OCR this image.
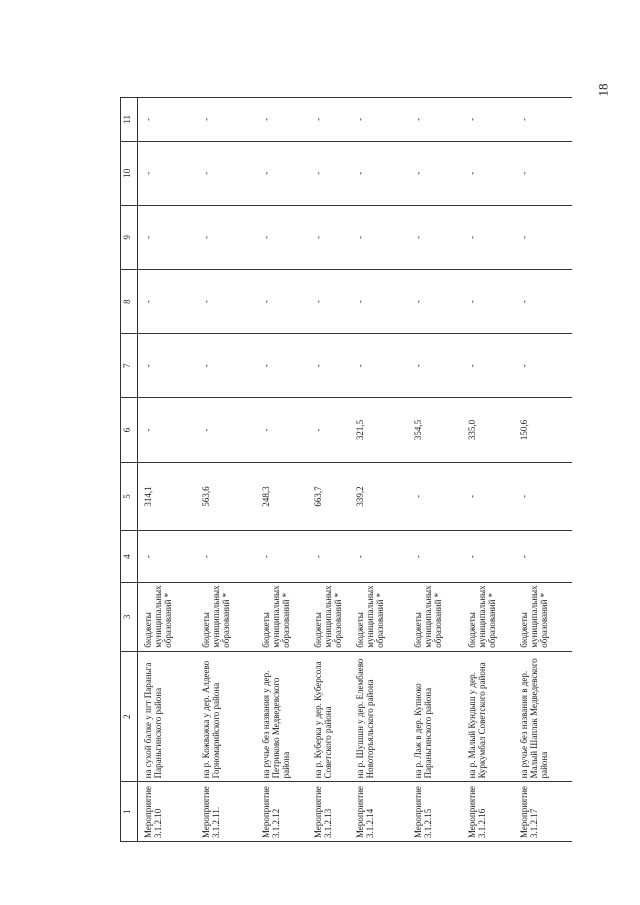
18
1	2	3	4	5	6	7	8	9	10	11
Мероприятие 3.1.2.10	на сухой балке у пгт Параньга Параньгинского района	бюджеты муниципальных образований *	-	314,1	-	-	-	-	-	-
Мероприятие 3.1.2.11.	на р. Кожважка у дер. Алдеево Горномарийского района	бюджеты муниципальных образований *	-	563,6	-	-	-	-	-	-
Мероприятие 3.1.2.12	на ручье без названия у дер. Петриково Медведевского района	бюджеты муниципальных образований *	-	248,3	-	-	-	-	-	-
Мероприятие 3.1.2.13	на р. Куберка у дер. Куберсола Советского района	бюджеты муниципальных образований *	-	663,7	-	-	-	-	-	-
Мероприятие 3.1.2.14	на р. Шушшн у дер. Елембаево Новоторъяльского района	бюджеты муниципальных образований *	-	339,2	321,5	-	-	-	-	-
Мероприятие 3.1.2.15	на р. Лаж в дер. Купноко Параньгинского района	бюджеты муниципальных образований *	-	-	354,5	-	-	-	-	-
Мероприятие 3.1.2.16	на р. Малый Кундыш у дер. Куркумбал Советского района	бюджеты муниципальных образований *	-	-	335,0	-	-	-	-	-
Мероприятие 3.1.2.17	на ручье без названия в дер. Малый Шаплак Медведевского района	бюджеты муниципальных образований *	-	-	150,6	-	-	-	-	-
